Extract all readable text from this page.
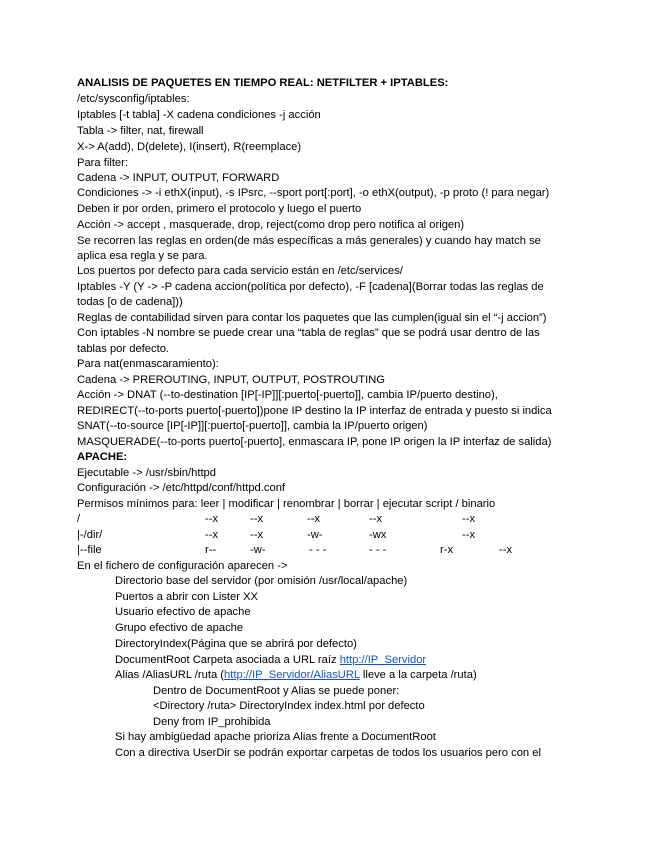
ANALISIS DE PAQUETES EN TIEMPO REAL: NETFILTER + IPTABLES:
/etc/sysconfig/iptables:
Iptables [-t tabla] -X cadena condiciones -j acción
Tabla -> filter, nat, firewall
X-> A(add), D(delete), I(insert), R(reemplace)
Para filter:
Cadena -> INPUT, OUTPUT, FORWARD
Condiciones -> -i ethX(input), -s IPsrc, --sport port[:port], -o ethX(output), -p proto (! para negar)
Deben ir por orden, primero el protocolo y luego el puerto
Acción -> accept , masquerade, drop, reject(como drop pero notifica al origen)
Se recorren las reglas en orden(de más específicas a más generales) y cuando hay match se
aplica esa regla y se para.
Los puertos por defecto para cada servicio están en /etc/services/
Iptables -Y (Y -> -P cadena accion(política por defecto), -F [cadena](Borrar todas las reglas de
todas [o de cadena]))
Reglas de contabilidad sirven para contar los paquetes que las cumplen(igual sin el “-j accion”)
Con iptables -N nombre se puede crear una “tabla de reglas” que se podrá usar dentro de las
tablas por defecto.
Para nat(enmascaramiento):
Cadena -> PREROUTING, INPUT, OUTPUT, POSTROUTING
Acción -> DNAT (--to-destination [IP[-IP]][:puerto[-puerto]], cambia IP/puerto destino),
REDIRECT(--to-ports puerto[-puerto])pone IP destino la IP interfaz de entrada y puesto si indica
SNAT(--to-source [IP[-IP]][:puerto[-puerto]], cambia la IP/puerto origen)
MASQUERADE(--to-ports puerto[-puerto], enmascara IP, pone IP origen la IP interfaz de salida)
APACHE:
Ejecutable -> /usr/sbin/httpd
Configuración -> /etc/httpd/conf/httpd.conf
Permisos mínimos para: leer | modificar | renombrar | borrar | ejecutar script / binario
/	--x	--x	--x	--x	--x
|-/dir/	--x	--x	-w-	-wx	--x
|--file	r--	-w-	- - -	- - -	r-x	--x
En el fichero de configuración aparecen ->
Directorio base del servidor (por omisión /usr/local/apache)
Puertos a abrir con Lister XX
Usuario efectivo de apache
Grupo efectivo de apache
DirectoryIndex(Página que se abrirá por defecto)
DocumentRoot Carpeta asociada a URL raíz http://IP_Servidor
Alias /AliasURL /ruta (http://IP_Servidor/AliasURL lleve a la carpeta /ruta)
Dentro de DocumentRoot y Alias se puede poner:
<Directory /ruta> DirectoryIndex index.html por defecto
Deny from IP_prohibida
Si hay ambigüedad apache prioriza Alias frente a DocumentRoot
Con a directiva UserDir se podrán exportar carpetas de todos los usuarios pero con el
